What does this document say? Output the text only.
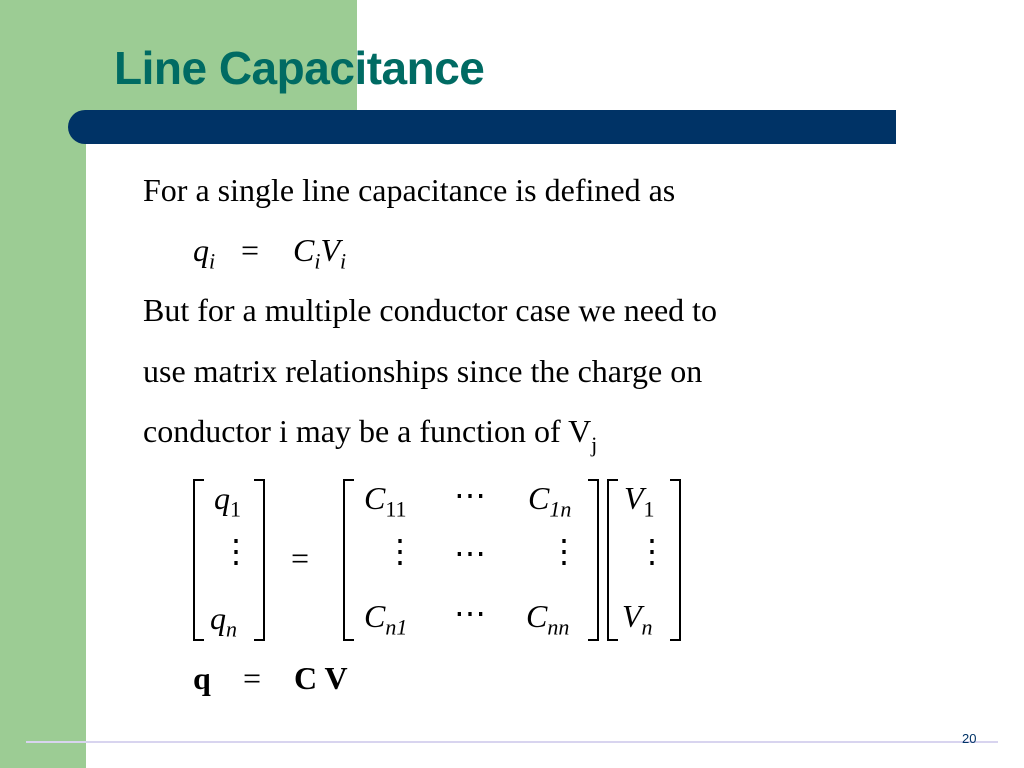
Line Capacitance

For a single line capacitance is defined as

$q_i = C_iV_i$

But for a multiple conductor case we need to

use matrix relationships since the charge on

conductor i may be a function of $V_j$

$q_1$
⋮
$q_n$
=
$C_{11}$ ⋯ $C_{1n}$
⋮ ⋯ ⋮
$C_{n1}$ ⋯ $C_{nn}$
$V_1$
⋮
$V_n$
q = C V
20
